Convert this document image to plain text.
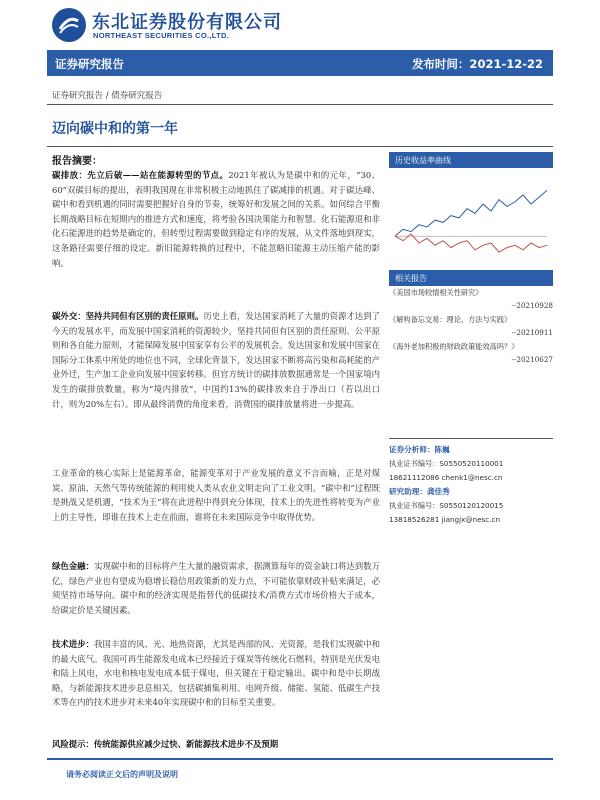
东北证券股份有限公司
NORTHEAST SECURITIES CO.,LTD.
证券研究报告	发布时间：2021-12-22
证券研究报告 / 债券研究报告
迈向碳中和的第一年
报告摘要：
碳排放：先立后破——站在能源转型的节点。2021年被认为是碳中和的元年，“30、60”双碳目标的提出，表明我国现在非常积极主动地抓住了碳减排的机遇。对于碳达峰、碳中和看到机遇的同时需要把握好自身的节奏，统筹好和发展之间的关系。如何综合平衡长期战略目标在短期内的推进方式和速度，将考验各国决策能力和智慧。化石能源退和非化石能源进的趋势是确定的，但转型过程需要做到稳定有序的发展，从文件落地到现实，这条路径需要仔细的设定。新旧能源转换的过程中，不能忽略旧能源主动压缩产能的影响。
碳外交：坚持共同但有区别的责任原则。历史上看，发达国家消耗了大量的资源才达到了今天的发展水平，而发展中国家消耗的资源较少，坚持共同但有区别的责任原则、公平原则和各自能力原则，才能保障发展中国家享有公平的发展机会。发达国家和发展中国家在国际分工体系中所处的地位也不同，全球化背景下，发达国家不断将高污染和高耗能的产业外迁，生产加工企业向发展中国家转移。但官方统计的碳排放数据通常是一个国家境内发生的碳排放数量，称为“境内排放”，中国约13%的碳排放来自于净出口（若以出口计，则为20%左右）。即从最终消费的角度来看，消费国的碳排放量将进一步提高。
工业革命的核心实际上是能源革命，能源变革对于产业发展的意义不言而喻，正是对煤炭、原油、天然气等传统能源的利用使人类从农业文明走向了工业文明。“碳中和”过程既是挑战又是机遇，“技术为王”将在此进程中得到充分体现，技术上的先进性将转变为产业上的主导性，即谁在技术上走在前面，谁将在未来国际竞争中取得优势。
绿色金融：实现碳中和的目标将产生大量的融资需求，据测算每年的资金缺口将达到数万亿，绿色产业也有望成为稳增长稳信用政策新的发力点，不可能依靠财政补贴来满足，必须坚持市场导向。碳中和的经济实现是指替代的低碳技术/消费方式市场价格大于成本，给碳定价是关键因素。
技术进步：我国丰富的风、光、地热资源，尤其是西部的风、光资源，是我们实现碳中和的最大底气。我国可再生能源发电成本已经接近于煤炭等传统化石燃料，特别是光伏发电和陆上风电，水电和核电发电成本低于煤电，但关键在于稳定输出。碳中和是中长期战略，与新能源技术进步息息相关，包括碳捕集利用、电网升级、储能、氢能、低碳生产技术等在内的技术进步对未来40年实现碳中和的目标至关重要。
风险提示：传统能源供应减少过快、新能源技术进步不及预期
历史收益率曲线
相关报告
《美国市场较情相关性研究》
--20210928
《解构备忘交易：理论、方法与实践》
--20210911
《海外老加积极的财政政策能效高吗？》
--20210627
证券分析师：陈巍
执业证书编号：S0550520110001
18621112086 chenk1@nesc.cn
研究助理：龚佳秀
执业证书编号：S0550120120015
13818526281 jiangjx@nesc.cn
请务必阅读正文后的声明及说明
